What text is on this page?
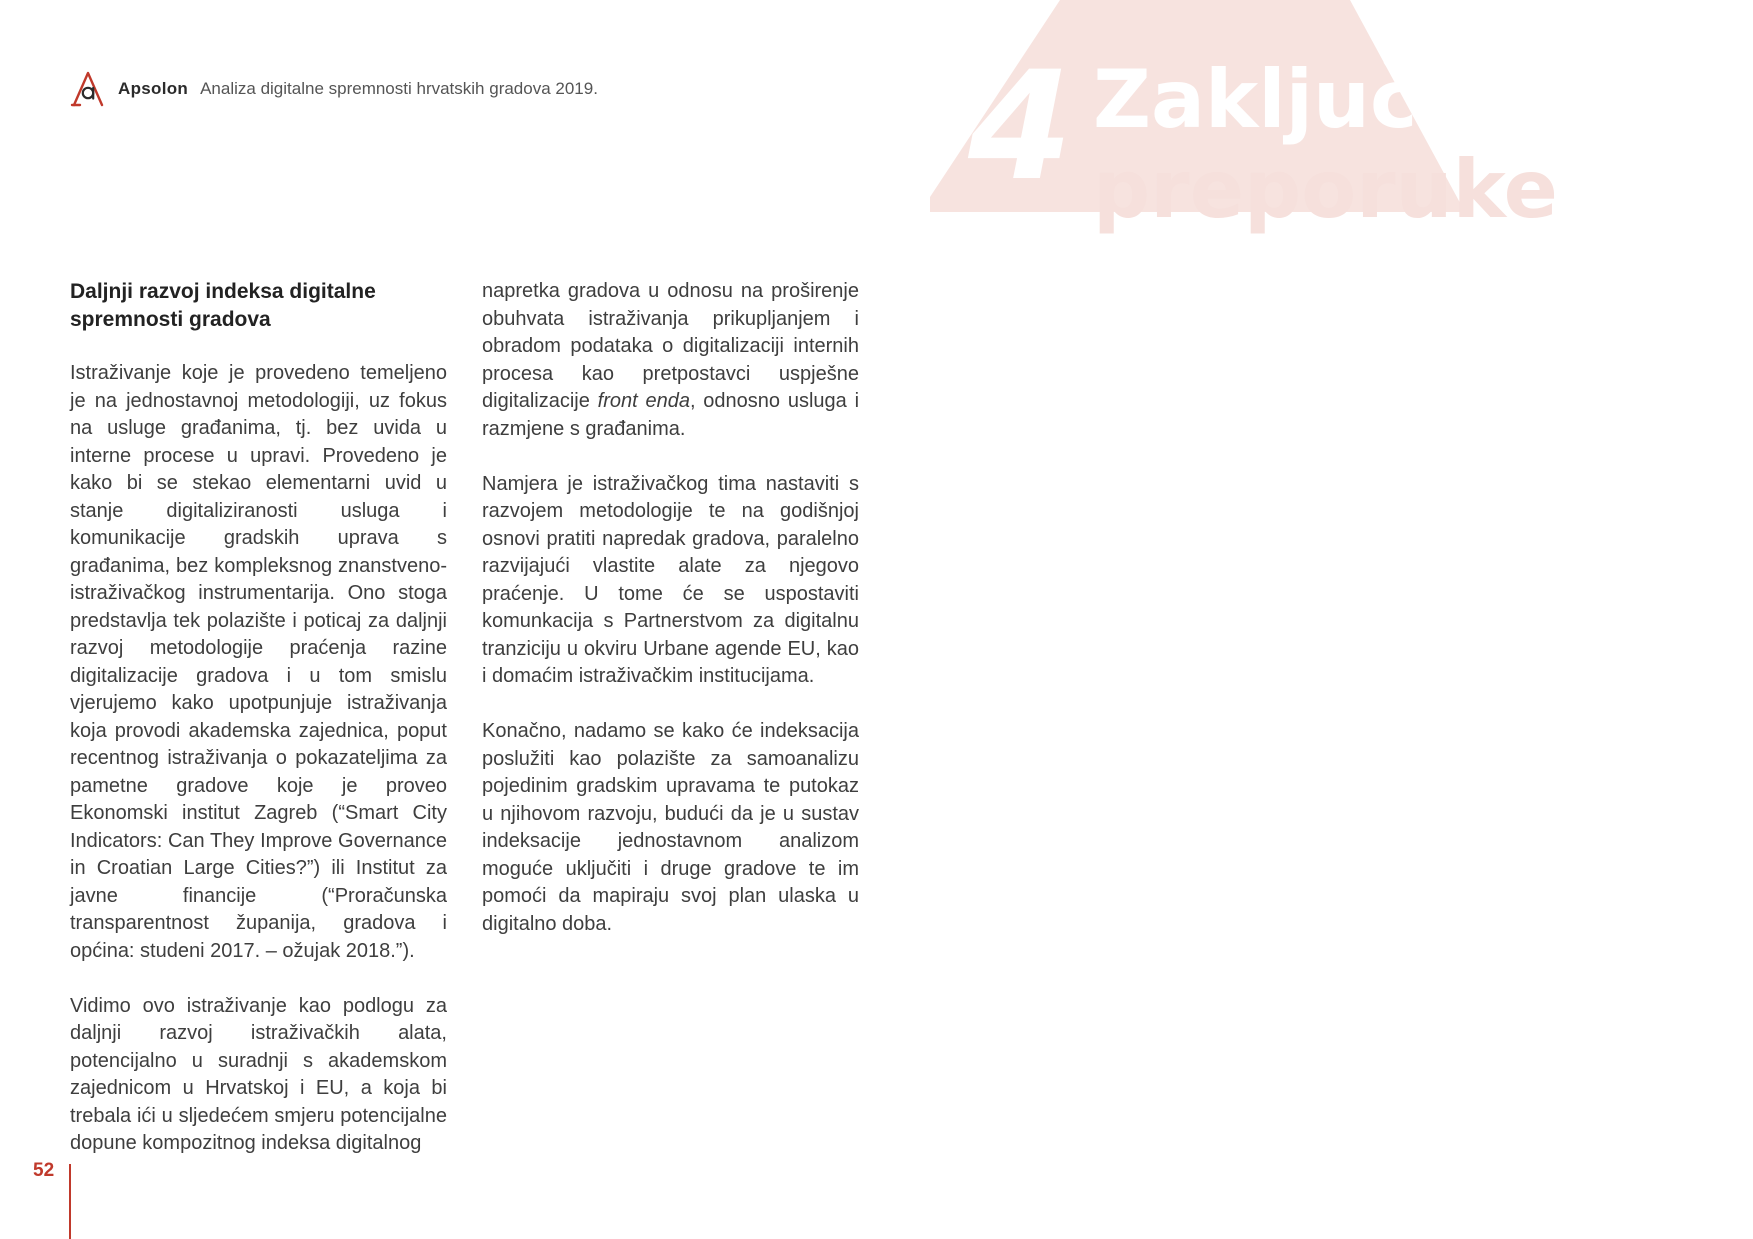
Apsolon Analiza digitalne spremnosti hrvatskih gradova 2019. 4 Zaključci i
preporuke
Daljnji razvoj indeksa digitalne spremnosti gradova

Istraživanje koje je provedeno temeljeno je na jednostavnoj metodologiji, uz fokus na usluge građanima, tj. bez uvida u interne procese u upravi. Provedeno je kako bi se stekao elementarni uvid u stanje digitaliziranosti usluga i komunikacije gradskih uprava s građanima, bez kompleksnog znanstveno-istraživačkog instrumentarija. Ono stoga predstavlja tek polazište i poticaj za daljnji razvoj metodologije praćenja razine digitalizacije gradova i u tom smislu vjerujemo kako upotpunjuje istraživanja koja provodi akademska zajednica, poput recentnog istraživanja o pokazateljima za pametne gradove koje je proveo Ekonomski institut Zagreb (“Smart City Indicators: Can They Improve Governance in Croatian Large Cities?”) ili Institut za javne financije (“Proračunska transparentnost županija, gradova i općina: studeni 2017. – ožujak 2018.”).

Vidimo ovo istraživanje kao podlogu za daljnji razvoj istraživačkih alata, potencijalno u suradnji s akademskom zajednicom u Hrvatskoj i EU, a koja bi trebala ići u sljedećem smjeru potencijalne dopune kompozitnog indeksa digitalnog

napretka gradova u odnosu na proširenje obuhvata istraživanja prikupljanjem i obradom podataka o digitalizaciji internih procesa kao pretpostavci uspješne digitalizacije front enda, odnosno usluga i razmjene s građanima.

Namjera je istraživačkog tima nastaviti s razvojem metodologije te na godišnjoj osnovi pratiti napredak gradova, paralelno razvijajući vlastite alate za njegovo praćenje. U tome će se uspostaviti komunkacija s Partnerstvom za digitalnu tranziciju u okviru Urbane agende EU, kao i domaćim istraživačkim institucijama.

Konačno, nadamo se kako će indeksacija poslužiti kao polazište za samoanalizu pojedinim gradskim upravama te putokaz u njihovom razvoju, budući da je u sustav indeksacije jednostavnom analizom moguće uključiti i druge gradove te im pomoći da mapiraju svoj plan ulaska u digitalno doba.

52
